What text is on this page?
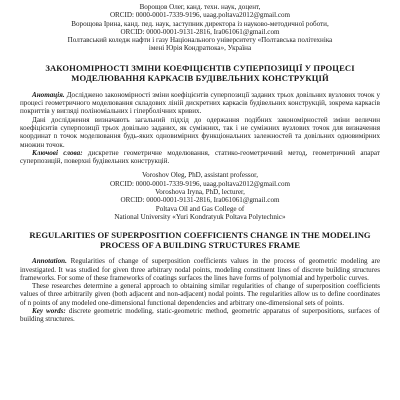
Ворощов Олег, канд. техн. наук, доцент,
ORCID: 0000-0001-7339-9196, uaag.poltava2012@gmail.com
Ворощова Ірина, канд. пед. наук, заступник директора із науково-методичної роботи,
ORCID: 0000-0001-9131-2816, Ira061061@gmail.com
Полтавський коледж нафти і газу Національного університету «Полтавська політехніка
імені Юрія Кондратюка», Україна
ЗАКОНОМІРНОСТІ ЗМІНИ КОЕФІЦІЄНТІВ СУПЕРПОЗИЦІЇ У ПРОЦЕСІ МОДЕЛЮВАННЯ КАРКАСІВ БУДІВЕЛЬНИХ КОНСТРУКЦІЙ

Анотація. Досліджено закономірності зміни коефіцієнтів суперпозиції заданих трьох довільних вузлових точок у процесі геометричного моделювання складових ліній дискретних каркасів будівельних конструкцій, зокрема каркасів покриттів у вигляді поліноміальних і гіперболічних кривих.

Дані дослідження визначають загальний підхід до одержання подібних закономірностей зміни величин коефіцієнтів суперпозиції трьох довільно заданих, як суміжних, так і не суміжних вузлових точок для визначення координат n точок моделювання будь-яких одновимірних функціональних залежностей та довільних одновимірних множин точок.

Ключові слова: дискретне геометричне моделювання, статико-геометричний метод, геометричний апарат суперпозицій, поверхні будівельних конструкцій.

Voroshov Oleg, PhD, assistant professor,
ORCID: 0000-0001-7339-9196, uaag.poltava2012@gmail.com
Voroshova Iryna, PhD, lecturer,
ORCID: 0000-0001-9131-2816, Ira061061@gmail.com
Poltava Oil and Gas College of
National University «Yuri Kondratyuk Poltava Polytechnic»
REGULARITIES OF SUPERPOSITION COEFFICIENTS CHANGE IN THE MODELING PROCESS OF A BUILDING STRUCTURES FRAME

Annotation. Regularities of change of superposition coefficients values in the process of geometric modeling are investigated. It was studied for given three arbitrary nodal points, modeling constituent lines of discrete building structures frameworks. For some of these frameworks of coatings surfaces the lines have forms of polynomial and hyperbolic curves.

These researches determine a general approach to obtaining similar regularities of change of superposition coefficients values of three arbitrarily given (both adjacent and non-adjacent) nodal points. The regularities allow us to define coordinates of n points of any modeled one-dimensional functional dependencies and arbitrary one-dimensional sets of points.

Key words: discrete geometric modeling, static-geometric method, geometric apparatus of superpositions, surfaces of building structures.
